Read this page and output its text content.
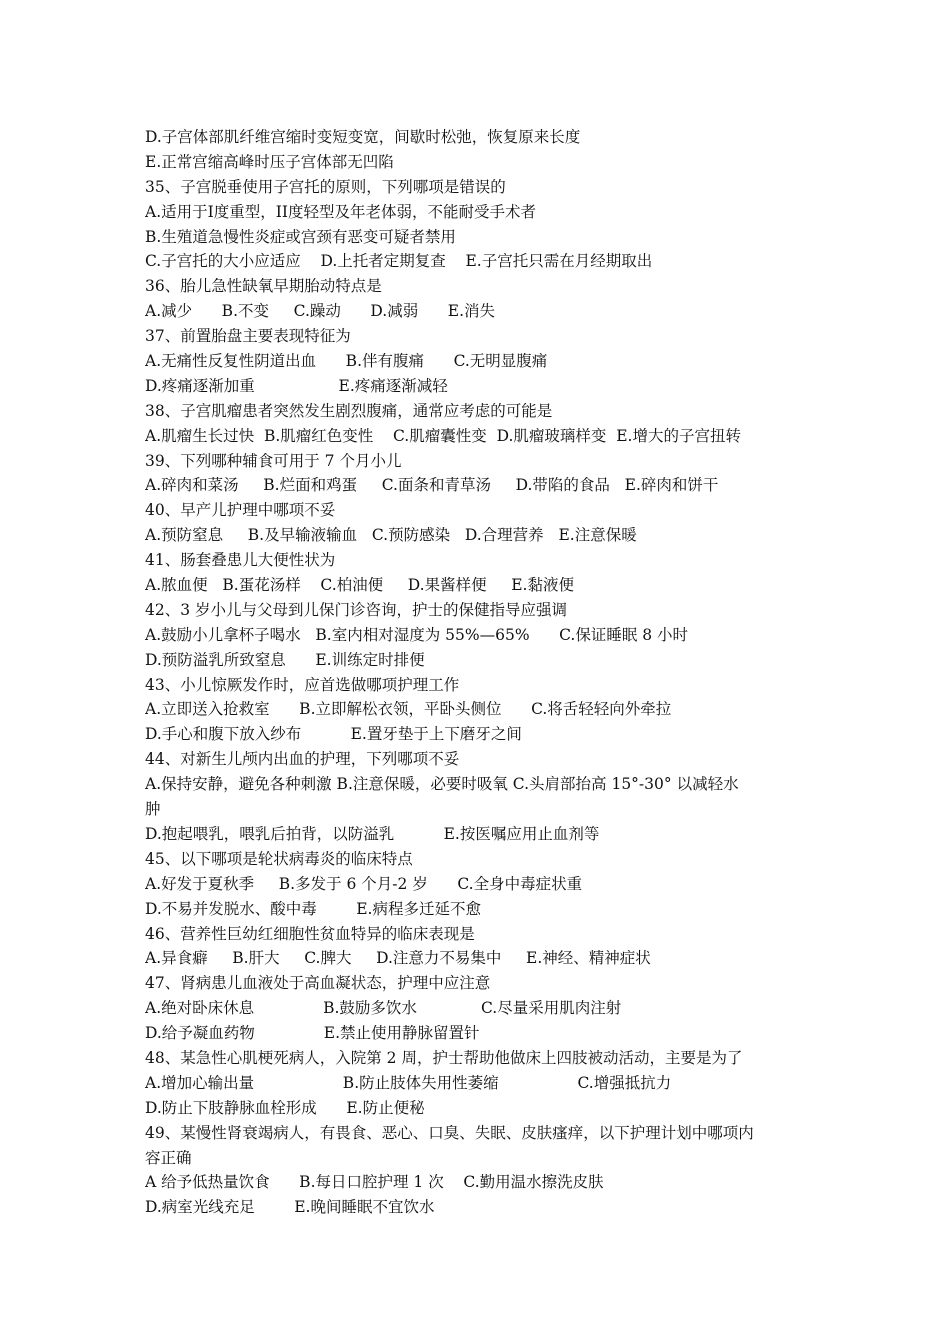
D.子宫体部肌纤维宫缩时变短变宽，间歇时松弛，恢复原来长度
E.正常宫缩高峰时压子宫体部无凹陷
35、子宫脱垂使用子宫托的原则，下列哪项是错误的
A.适用于Ⅰ度重型，II度轻型及年老体弱，不能耐受手术者
B.生殖道急慢性炎症或宫颈有恶变可疑者禁用
C.子宫托的大小应适应    D.上托者定期复查    E.子宫托只需在月经期取出
36、胎儿急性缺氧早期胎动特点是
A.减少      B.不变     C.躁动      D.减弱      E.消失
37、前置胎盘主要表现特征为
A.无痛性反复性阴道出血      B.伴有腹痛      C.无明显腹痛
D.疼痛逐渐加重                 E.疼痛逐渐减轻
38、子宫肌瘤患者突然发生剧烈腹痛，通常应考虑的可能是
A.肌瘤生长过快  B.肌瘤红色变性    C.肌瘤囊性变  D.肌瘤玻璃样变  E.增大的子宫扭转
39、下列哪种辅食可用于 7 个月小儿
A.碎肉和菜汤     B.烂面和鸡蛋     C.面条和青草汤     D.带陷的食品   E.碎肉和饼干
40、早产儿护理中哪项不妥
A.预防窒息     B.及早输液输血   C.预防感染   D.合理营养   E.注意保暖
41、肠套叠患儿大便性状为
A.脓血便   B.蛋花汤样    C.柏油便     D.果酱样便     E.黏液便
42、3 岁小儿与父母到儿保门诊咨询，护士的保健指导应强调
A.鼓励小儿拿杯子喝水   B.室内相对湿度为 55%—65%      C.保证睡眠 8 小时
D.预防溢乳所致窒息      E.训练定时排便
43、小儿惊厥发作时，应首选做哪项护理工作
A.立即送入抢救室      B.立即解松衣领，平卧头侧位      C.将舌轻轻向外牵拉
D.手心和腹下放入纱布          E.置牙垫于上下磨牙之间
44、对新生儿颅内出血的护理，下列哪项不妥
A.保持安静，避免各种刺激 B.注意保暖，必要时吸氧 C.头肩部抬高 15°-30° 以减轻水
肿
D.抱起喂乳，喂乳后拍背，以防溢乳          E.按医嘱应用止血剂等
45、以下哪项是轮状病毒炎的临床特点
A.好发于夏秋季     B.多发于 6 个月-2 岁      C.全身中毒症状重
D.不易并发脱水、酸中毒        E.病程多迁延不愈
46、营养性巨幼红细胞性贫血特异的临床表现是
A.异食癖     B.肝大     C.脾大     D.注意力不易集中     E.神经、精神症状
47、肾病患儿血液处于高血凝状态，护理中应注意
A.绝对卧床休息              B.鼓励多饮水             C.尽量采用肌肉注射
D.给予凝血药物              E.禁止使用静脉留置针
48、某急性心肌梗死病人，入院第 2 周，护士帮助他做床上四肢被动活动，主要是为了
A.增加心输出量                  B.防止肢体失用性萎缩                C.增强抵抗力
D.防止下肢静脉血栓形成      E.防止便秘
49、某慢性肾衰竭病人，有畏食、恶心、口臭、失眠、皮肤瘙痒，以下护理计划中哪项内
容正确
A 给予低热量饮食      B.每日口腔护理 1 次    C.勤用温水擦洗皮肤
D.病室光线充足        E.晚间睡眠不宜饮水
